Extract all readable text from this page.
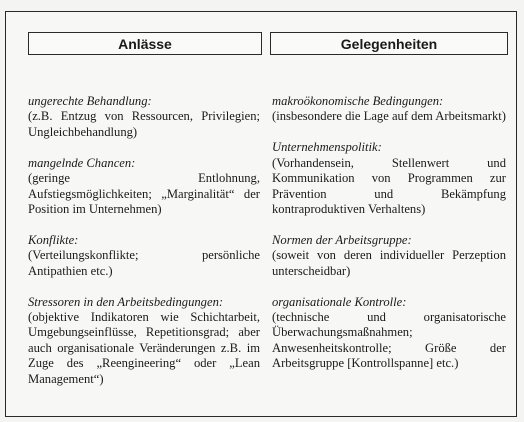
Anlässe	Gelegenheiten
ungerechte Behandlung:
(z.B. Entzug von Ressourcen, Privilegien; Ungleichbehandlung)
mangelnde Chancen:
(geringe Entlohnung, Aufstiegsmöglichkeiten; „Marginalität“ der Position im Unternehmen)
Konflikte:
(Verteilungskonflikte; persönliche Antipathien etc.)
Stressoren in den Arbeitsbedingungen:
(objektive Indikatoren wie Schichtarbeit, Umgebungseinflüsse, Repetitionsgrad; aber auch organisationale Veränderungen z.B. im Zuge des „Reengineering“ oder „Lean Management“)
makroökonomische Bedingungen:
(insbesondere die Lage auf dem Arbeitsmarkt)
Unternehmenspolitik:
(Vorhandensein, Stellenwert und Kommunikation von Programmen zur Prävention und Bekämpfung kontraproduktiven Verhaltens)
Normen der Arbeitsgruppe:
(soweit von deren individueller Perzeption unterscheidbar)
organisationale Kontrolle:
(technische und organisatorische Überwachungsmaßnahmen; Anwesenheitskontrolle; Größe der Arbeitsgruppe [Kontrollspanne] etc.)
